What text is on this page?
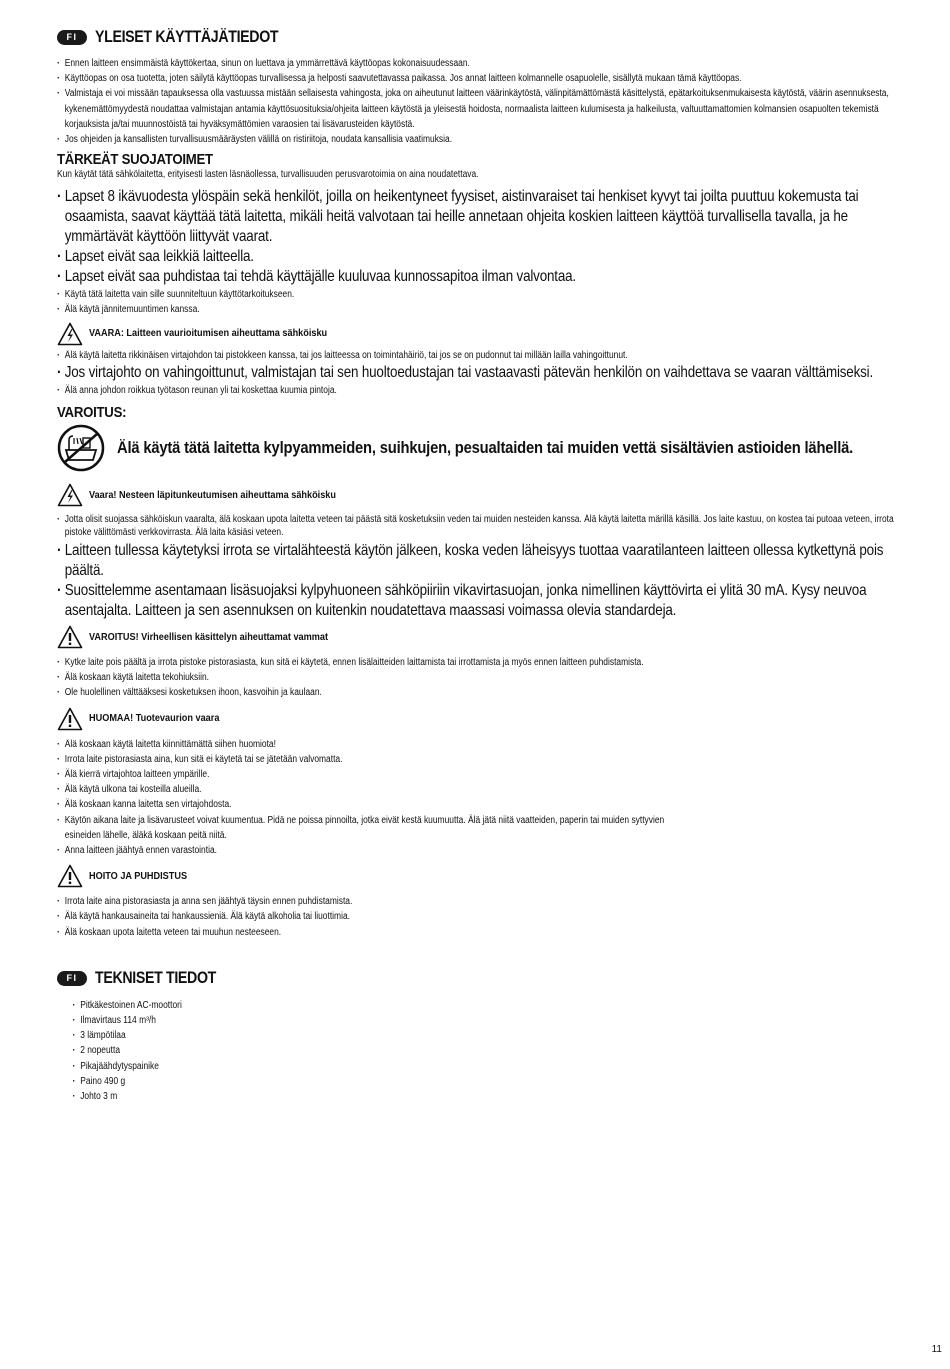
FI	YLEISET KÄYTTÄJÄTIEDOT
· Ennen laitteen ensimmäistä käyttökertaa, sinun on luettava ja ymmärrettävä käyttöopas kokonaisuudessaan.
· Käyttöopas on osa tuotetta, joten säilytä käyttöopas turvallisessa ja helposti saavutettavassa paikassa. Jos annat laitteen kolmannelle osapuolelle, sisällytä mukaan tämä käyttöopas.
· Valmistaja ei voi missään tapauksessa olla vastuussa mistään sellaisesta vahingosta, joka on aiheutunut laitteen väärinkäytöstä, välinpitämättömästä käsittelystä, epätarkoituksenmukaisesta käytöstä, väärin asennuksesta, kykenemättömyydestä noudattaa valmistajan antamia käyttösuosituksia/ohjeita laitteen käytöstä ja yleisestä hoidosta, normaalista laitteen kulumisesta ja halkeilusta, valtuuttamattomien kolmansien osapuolten tekemistä korjauksista ja/tai muunnostöistä tai hyväksymättömien varaosien tai lisävarusteiden käytöstä.
· Jos ohjeiden ja kansallisten turvallisuusmääräysten välillä on ristiriitoja, noudata kansallisia vaatimuksia.
TÄRKEÄT SUOJATOIMET
Kun käytät tätä sähkölaitetta, erityisesti lasten läsnäollessa, turvallisuuden perusvarotoimia on aina noudatettava.
· Lapset 8 ikävuodesta ylöspäin sekä henkilöt, joilla on heikentyneet fyysiset, aistinvaraiset tai henkiset kyvyt tai joilta puuttuu kokemusta tai osaamista, saavat käyttää tätä laitetta, mikäli heitä valvotaan tai heille annetaan ohjeita koskien laitteen käyttöä turvallisella tavalla, ja he ymmärtävät käyttöön liittyvät vaarat.
· Lapset eivät saa leikkiä laitteella.
· Lapset eivät saa puhdistaa tai tehdä käyttäjälle kuuluvaa kunnossapitoa ilman valvontaa.
· Käytä tätä laitetta vain sille suunniteltuun käyttötarkoitukseen.
· Älä käytä jännitemuuntimen kanssa.
VAARA: Laitteen vaurioitumisen aiheuttama sähköisku
· Älä käytä laitetta rikkinäisen virtajohdon tai pistokkeen kanssa, tai jos laitteessa on toimintahäiriö, tai jos se on pudonnut tai millään lailla vahingoittunut.
· Jos virtajohto on vahingoittunut, valmistajan tai sen huoltoedustajan tai vastaavasti pätevän henkilön on vaihdettava se vaaran välttämiseksi.
· Älä anna johdon roikkua työtason reunan yli tai koskettaa kuumia pintoja.
VAROITUS:
Älä käytä tätä laitetta kylpyammeiden, suihkujen, pesualtaiden tai muiden vettä sisältävien astioiden lähellä.
Vaara! Nesteen läpitunkeutumisen aiheuttama sähköisku
· Jotta olisit suojassa sähköiskun vaaralta, älä koskaan upota laitetta veteen tai päästä sitä kosketuksiin veden tai muiden nesteiden kanssa. Älä käytä laitetta märillä käsillä. Jos laite kastuu, on kostea tai putoaa veteen, irrota pistoke välittömästi verkkovirrasta. Älä laita käsiäsi veteen.
· Laitteen tullessa käytetyksi irrota se virtalähteestä käytön jälkeen, koska veden läheisyys tuottaa vaaratilanteen laitteen ollessa kytkettynä pois päältä.
· Suosittelemme asentamaan lisäsuojaksi kylpyhuoneen sähköpiiriin vikavirtasuojan, jonka nimellinen käyttövirta ei ylitä 30 mA. Kysy neuvoa asentajalta. Laitteen ja sen asennuksen on kuitenkin noudatettava maassasi voimassa olevia standardeja.
VAROITUS! Virheellisen käsittelyn aiheuttamat vammat
· Kytke laite pois päältä ja irrota pistoke pistorasiasta, kun sitä ei käytetä, ennen lisälaitteiden laittamista tai irrottamista ja myös ennen laitteen puhdistamista.
· Älä koskaan käytä laitetta tekohiuksiin.
· Ole huolellinen välttääksesi kosketuksen ihoon, kasvoihin ja kaulaan.
HUOMAA! Tuotevaurion vaara
· Älä koskaan käytä laitetta kiinnittämättä siihen huomiota!
· Irrota laite pistorasiasta aina, kun sitä ei käytetä tai se jätetään valvomatta.
· Älä kierrä virtajohtoa laitteen ympärille.
· Älä käytä ulkona tai kosteilla alueilla.
· Älä koskaan kanna laitetta sen virtajohdosta.
· Käytön aikana laite ja lisävarusteet voivat kuumentua. Pidä ne poissa pinnoilta, jotka eivät kestä kuumuutta. Älä jätä niitä vaatteiden, paperin tai muiden syttyvien esineiden lähelle, äläkä koskaan peitä niitä.
· Anna laitteen jäähtyä ennen varastointia.
HOITO JA PUHDISTUS
· Irrota laite aina pistorasiasta ja anna sen jäähtyä täysin ennen puhdistamista.
· Älä käytä hankausaineita tai hankaussieniä. Älä käytä alkoholia tai liuottimia.
· Älä koskaan upota laitetta veteen tai muuhun nesteeseen.
FI	TEKNISET TIEDOT
· Pitkäkestoinen AC-moottori
· Ilmavirtaus 114 m³/h
· 3 lämpötilaa
· 2 nopeutta
· Pikajäähdytyspainike
· Paino 490 g
· Johto 3 m
11
